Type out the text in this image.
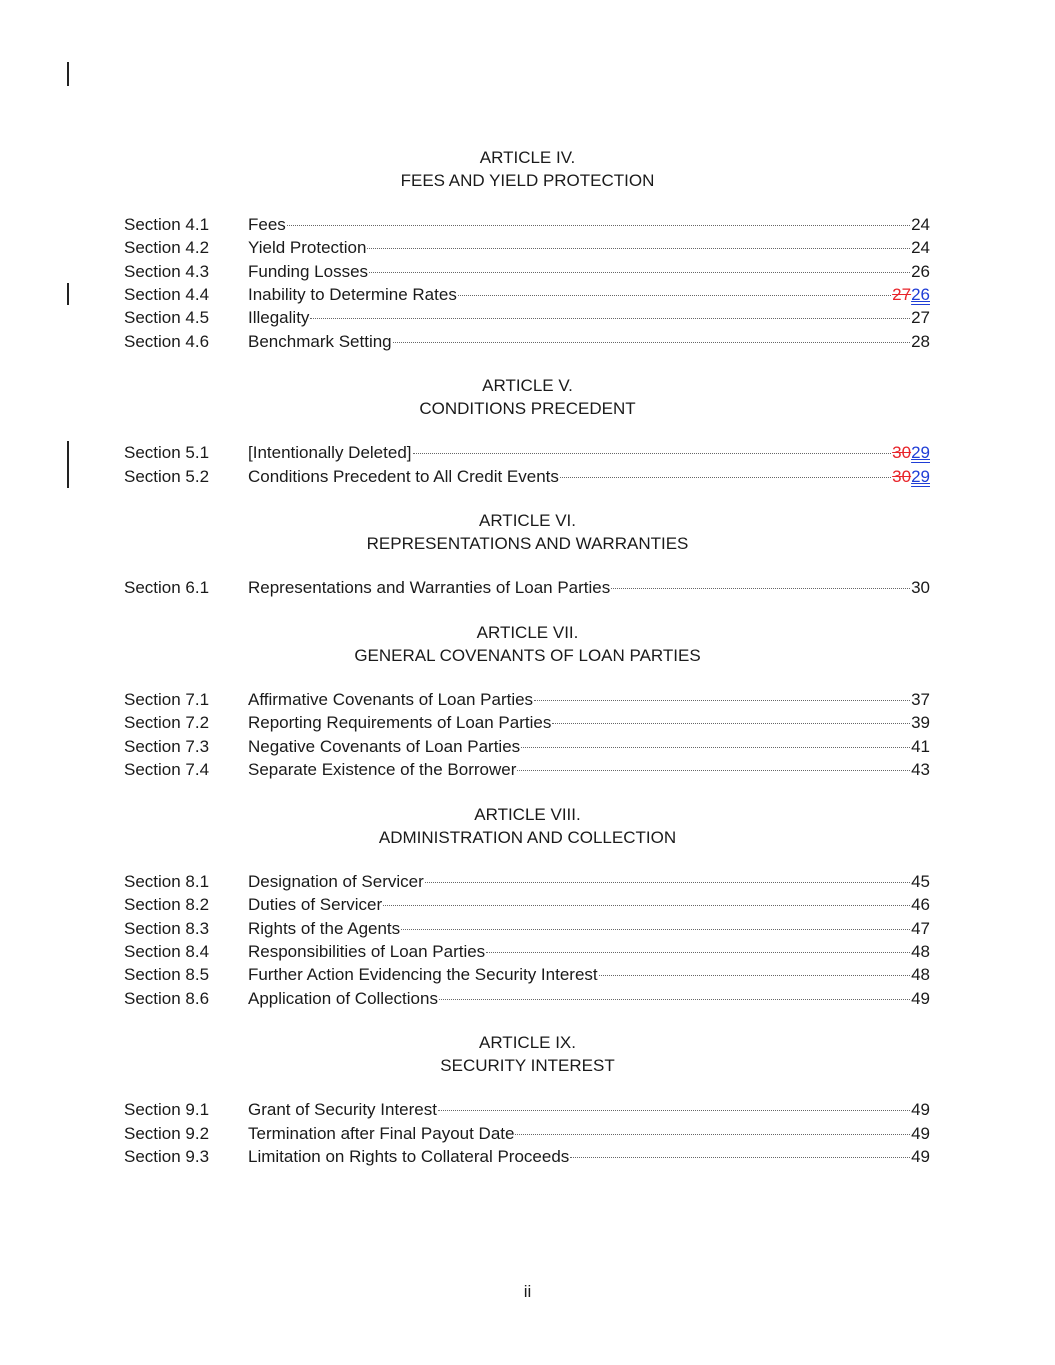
ARTICLE IV.
FEES AND YIELD PROTECTION
Section 4.1 Fees	24
Section 4.2 Yield Protection	24
Section 4.3 Funding Losses	26
Section 4.4 Inability to Determine Rates	2726
Section 4.5 Illegality	27
Section 4.6 Benchmark Setting	28
ARTICLE V.
CONDITIONS PRECEDENT
Section 5.1 [Intentionally Deleted]	3029
Section 5.2 Conditions Precedent to All Credit Events	3029
ARTICLE VI.
REPRESENTATIONS AND WARRANTIES
Section 6.1 Representations and Warranties of Loan Parties	30
ARTICLE VII.
GENERAL COVENANTS OF LOAN PARTIES
Section 7.1 Affirmative Covenants of Loan Parties	37
Section 7.2 Reporting Requirements of Loan Parties	39
Section 7.3 Negative Covenants of Loan Parties	41
Section 7.4 Separate Existence of the Borrower	43
ARTICLE VIII.
ADMINISTRATION AND COLLECTION
Section 8.1 Designation of Servicer	45
Section 8.2 Duties of Servicer	46
Section 8.3 Rights of the Agents	47
Section 8.4 Responsibilities of Loan Parties	48
Section 8.5 Further Action Evidencing the Security Interest	48
Section 8.6 Application of Collections	49
ARTICLE IX.
SECURITY INTEREST
Section 9.1 Grant of Security Interest	49
Section 9.2 Termination after Final Payout Date	49
Section 9.3 Limitation on Rights to Collateral Proceeds	49
ii
